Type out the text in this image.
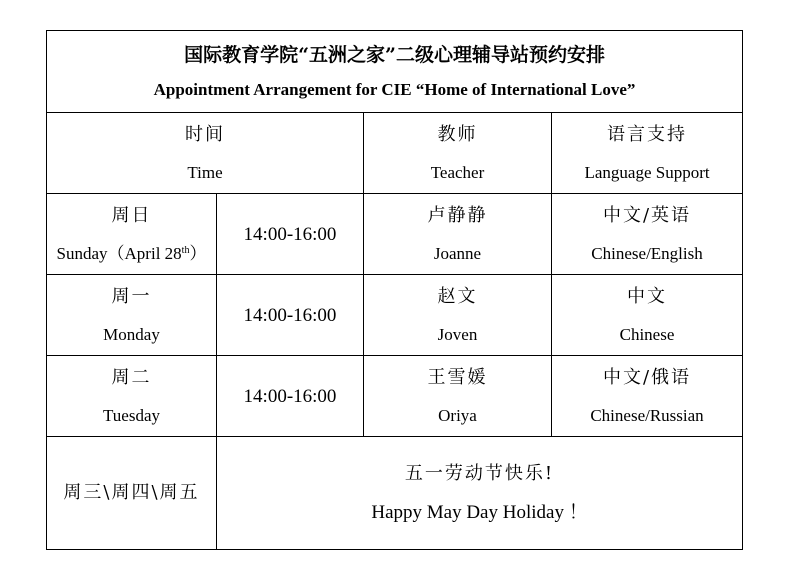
国际教育学院“五洲之家”二级心理辅导站预约安排
Appointment Arrangement for CIE “Home of International Love”			

时间
Time		教师
Teacher	语言支持
Language Support

周日
Sunday（April 28th）	14:00-16:00	卢静静
Joanne	中文/英语
Chinese/English

周一
Monday	14:00-16:00	赵文
Joven	中文
Chinese

周二
Tuesday	14:00-16:00	王雪媛
Oriya	中文/俄语
Chinese/Russian

周三\周四\周五	五一劳动节快乐!
Happy May Day Holiday ！		
